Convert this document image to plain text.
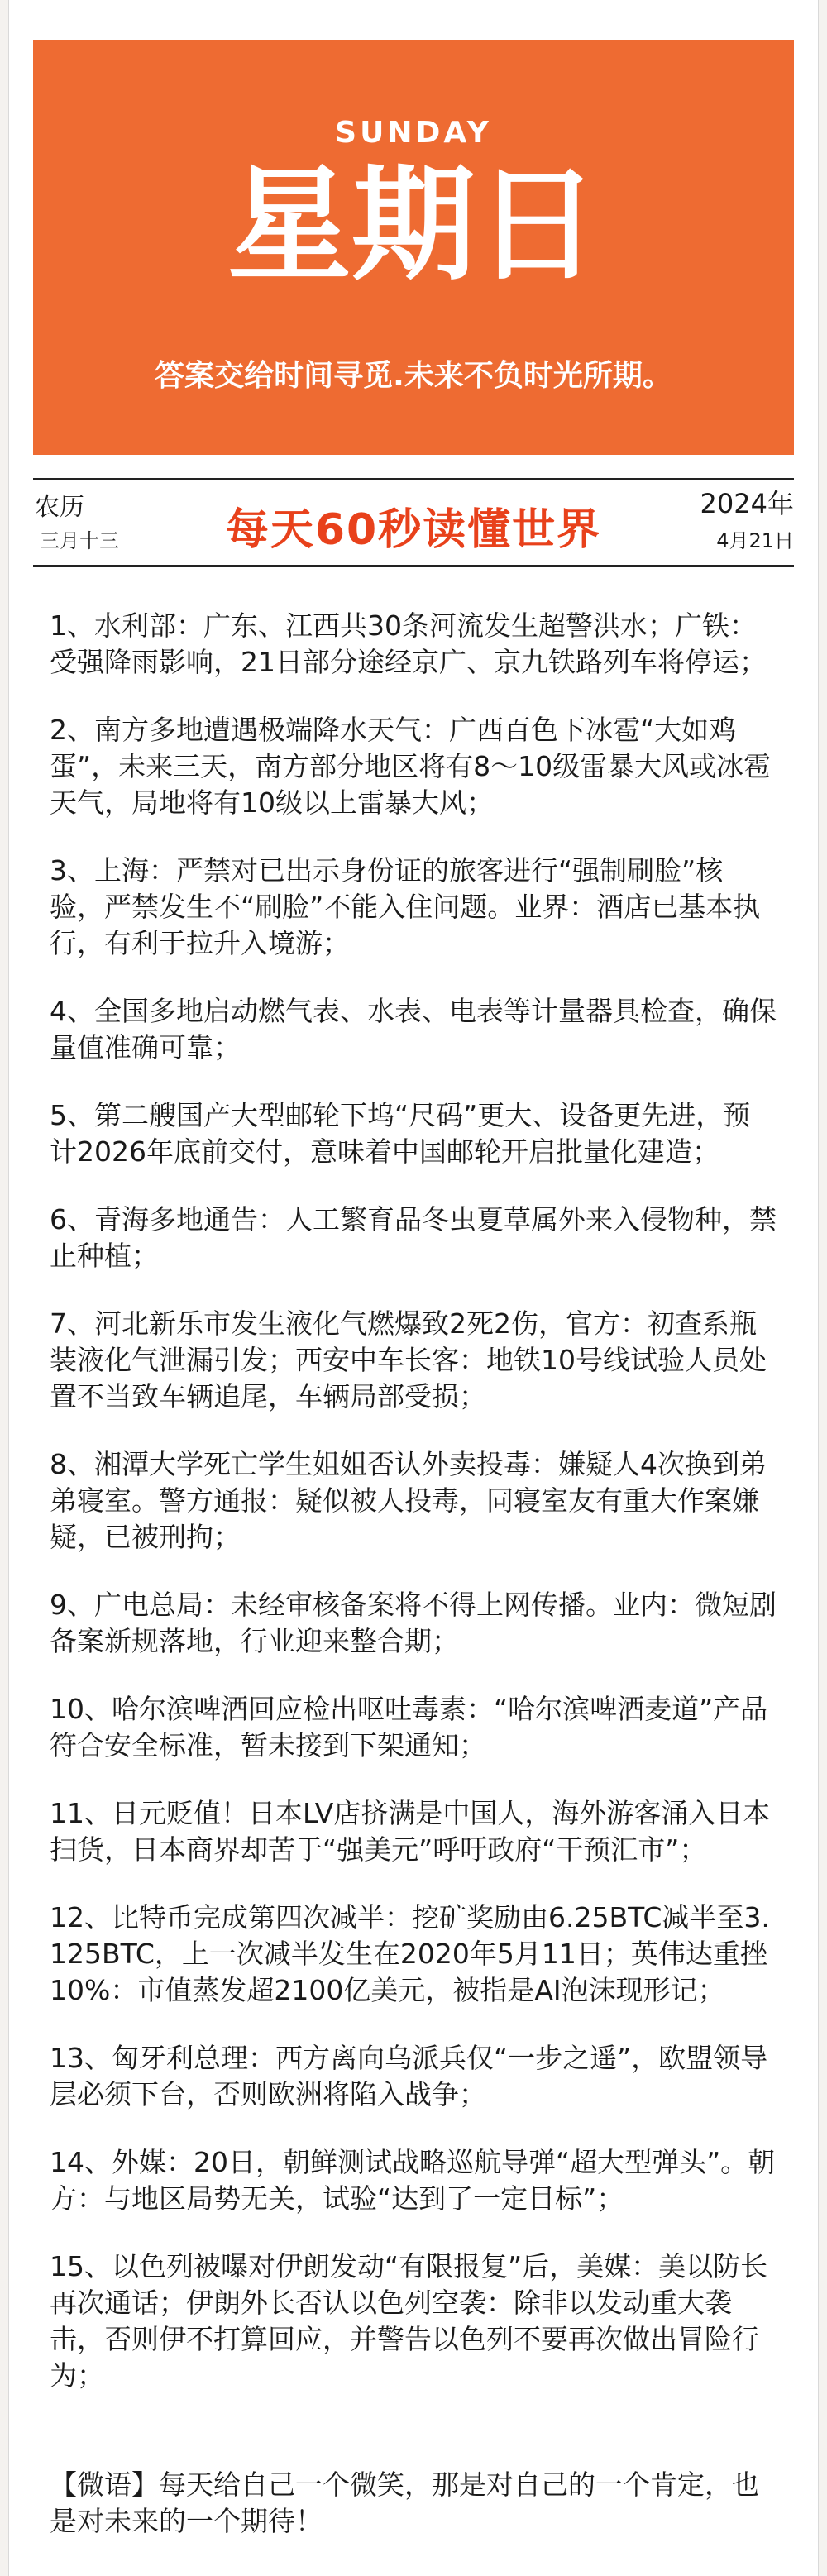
SUNDAY
星期日
答案交给时间寻觅.未来不负时光所期。
农历
三月十三	每天60秒读懂世界
2024年
4月21日
1、水利部：广东、江西共30条河流发生超警洪水；广铁：受强降雨影响，21日部分途经京广、京九铁路列车将停运；
2、南方多地遭遇极端降水天气：广西百色下冰雹“大如鸡蛋”，未来三天，南方部分地区将有8～10级雷暴大风或冰雹天气，局地将有10级以上雷暴大风；
3、上海：严禁对已出示身份证的旅客进行“强制刷脸”核验，严禁发生不“刷脸”不能入住问题。业界：酒店已基本执行，有利于拉升入境游；
4、全国多地启动燃气表、水表、电表等计量器具检查，确保量值准确可靠；
5、第二艘国产大型邮轮下坞“尺码”更大、设备更先进，预计2026年底前交付，意味着中国邮轮开启批量化建造；
6、青海多地通告：人工繁育品冬虫夏草属外来入侵物种，禁止种植；
7、河北新乐市发生液化气燃爆致2死2伤，官方：初查系瓶装液化气泄漏引发；西安中车长客：地铁10号线试验人员处置不当致车辆追尾，车辆局部受损；
8、湘潭大学死亡学生姐姐否认外卖投毒：嫌疑人4次换到弟弟寝室。警方通报：疑似被人投毒，同寝室友有重大作案嫌疑，已被刑拘；
9、广电总局：未经审核备案将不得上网传播。业内：微短剧备案新规落地，行业迎来整合期；
10、哈尔滨啤酒回应检出呕吐毒素：“哈尔滨啤酒麦道”产品符合安全标准，暂未接到下架通知；
11、日元贬值！日本LV店挤满是中国人，海外游客涌入日本扫货，日本商界却苦于“强美元”呼吁政府“干预汇市”；
12、比特币完成第四次减半：挖矿奖励由6.25BTC减半至3.125BTC，上一次减半发生在2020年5月11日；英伟达重挫10%：市值蒸发超2100亿美元，被指是AI泡沫现形记；
13、匈牙利总理：西方离向乌派兵仅“一步之遥”，欧盟领导层必须下台，否则欧洲将陷入战争；
14、外媒：20日，朝鲜测试战略巡航导弹“超大型弹头”。朝方：与地区局势无关，试验“达到了一定目标”；
15、以色列被曝对伊朗发动“有限报复”后，美媒：美以防长再次通话；伊朗外长否认以色列空袭：除非以发动重大袭击，否则伊不打算回应，并警告以色列不要再次做出冒险行为；
【微语】每天给自己一个微笑，那是对自己的一个肯定，也是对未来的一个期待！
